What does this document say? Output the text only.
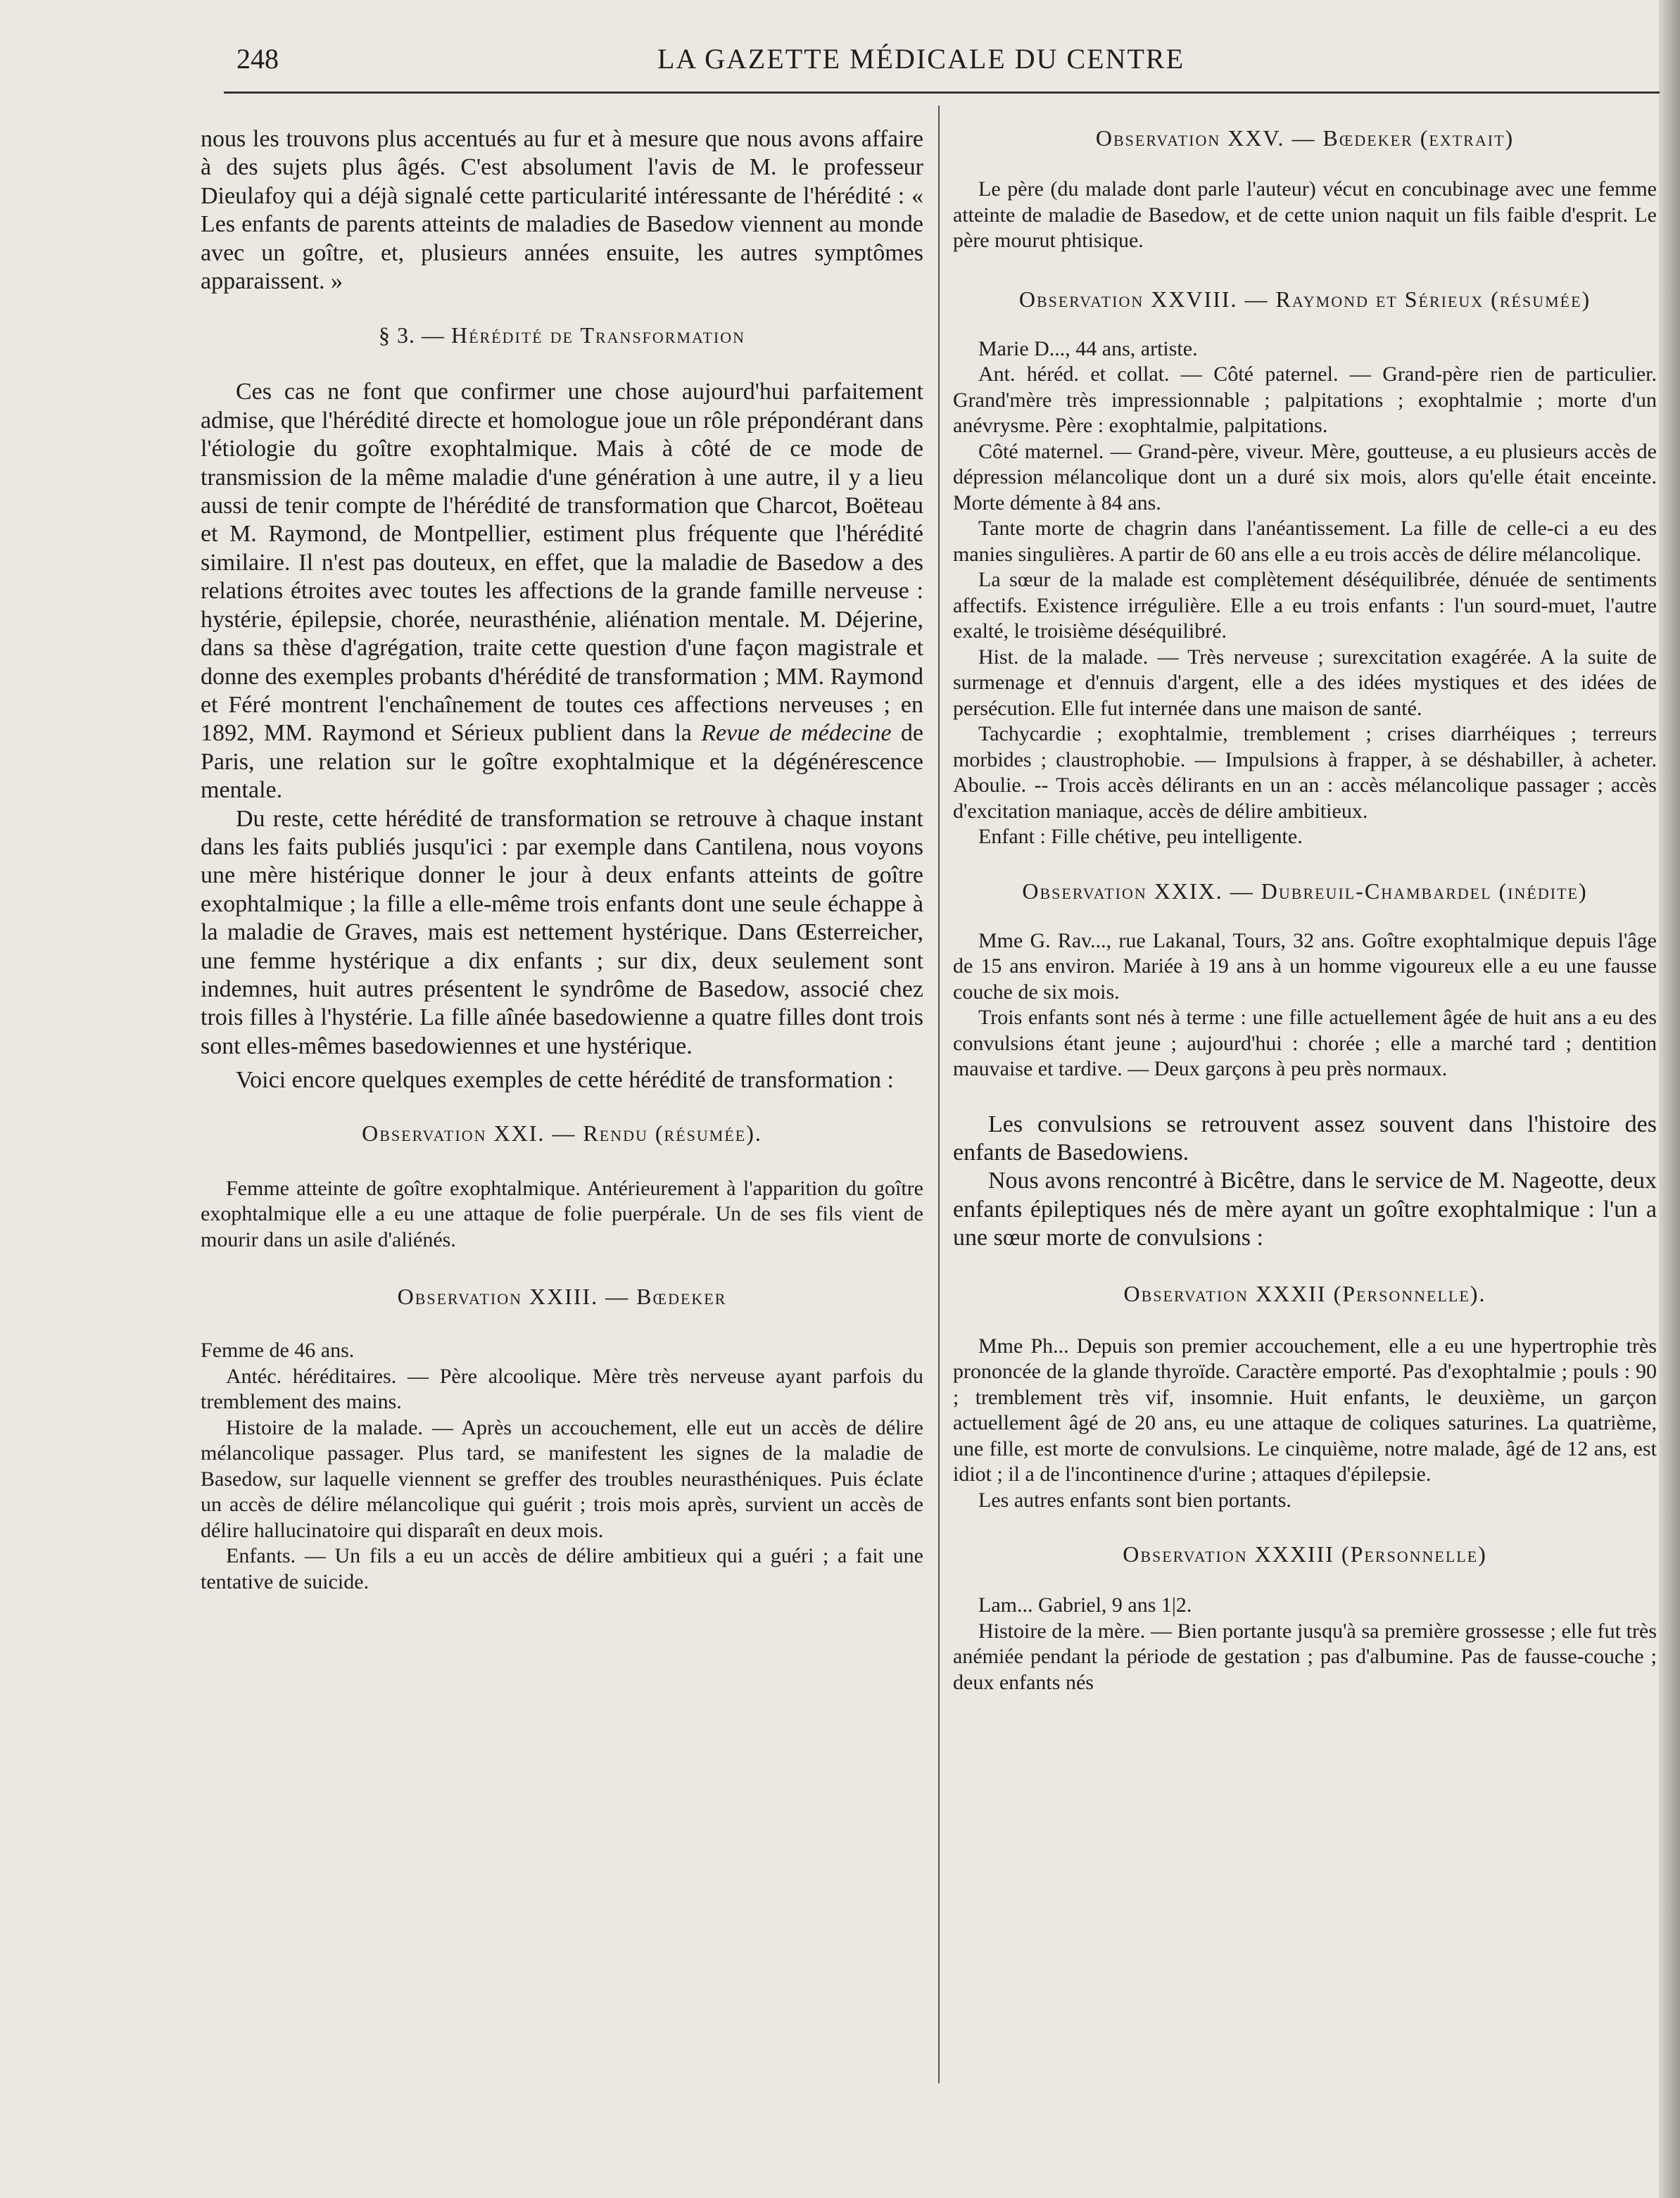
248	LA GAZETTE MÉDICALE DU CENTRE

nous les trouvons plus accentués au fur et à mesure que nous avons affaire à des sujets plus âgés. C'est absolument l'avis de M. le professeur Dieulafoy qui a déjà signalé cette particularité intéressante de l'hérédité : « Les enfants de parents atteints de maladies de Basedow viennent au monde avec un goître, et, plusieurs années ensuite, les autres symptômes apparaissent. »

§ 3. — Hérédité de Transformation

Ces cas ne font que confirmer une chose aujourd'hui parfaitement admise, que l'hérédité directe et homologue joue un rôle prépondérant dans l'étiologie du goître exophtalmique. Mais à côté de ce mode de transmission de la même maladie d'une génération à une autre, il y a lieu aussi de tenir compte de l'hérédité de transformation que Charcot, Boëteau et M. Raymond, de Montpellier, estiment plus fréquente que l'hérédité similaire. Il n'est pas douteux, en effet, que la maladie de Basedow a des relations étroites avec toutes les affections de la grande famille nerveuse : hystérie, épilepsie, chorée, neurasthénie, aliénation mentale. M. Déjerine, dans sa thèse d'agrégation, traite cette question d'une façon magistrale et donne des exemples probants d'hérédité de transformation ; MM. Raymond et Féré montrent l'enchaînement de toutes ces affections nerveuses ; en 1892, MM. Raymond et Sérieux publient dans la Revue de médecine de Paris, une relation sur le goître exophtalmique et la dégénérescence mentale.

Du reste, cette hérédité de transformation se retrouve à chaque instant dans les faits publiés jusqu'ici : par exemple dans Cantilena, nous voyons une mère histérique donner le jour à deux enfants atteints de goître exophtalmique ; la fille a elle-même trois enfants dont une seule échappe à la maladie de Graves, mais est nettement hystérique. Dans Œsterreicher, une femme hystérique a dix enfants ; sur dix, deux seulement sont indemnes, huit autres présentent le syndrôme de Basedow, associé chez trois filles à l'hystérie. La fille aînée basedowienne a quatre filles dont trois sont elles-mêmes basedowiennes et une hystérique.

Voici encore quelques exemples de cette hérédité de transformation :

Observation XXI. — Rendu (résumée).

Femme atteinte de goître exophtalmique. Antérieurement à l'apparition du goître exophtalmique elle a eu une attaque de folie puerpérale. Un de ses fils vient de mourir dans un asile d'aliénés.

Observation XXIII. — Bœdeker

Femme de 46 ans.

Antéc. héréditaires. — Père alcoolique. Mère très nerveuse ayant parfois du tremblement des mains.

Histoire de la malade. — Après un accouchement, elle eut un accès de délire mélancolique passager. Plus tard, se manifestent les signes de la maladie de Basedow, sur laquelle viennent se greffer des troubles neurasthéniques. Puis éclate un accès de délire mélancolique qui guérit ; trois mois après, survient un accès de délire hallucinatoire qui disparaît en deux mois.

Enfants. — Un fils a eu un accès de délire ambitieux qui a guéri ; a fait une tentative de suicide.

Observation XXV. — Bœdeker (extrait)

Le père (du malade dont parle l'auteur) vécut en concubinage avec une femme atteinte de maladie de Basedow, et de cette union naquit un fils faible d'esprit. Le père mourut phtisique.

Observation XXVIII. — Raymond et Sérieux (résumée)

Marie D..., 44 ans, artiste.

Ant. héréd. et collat. — Côté paternel. — Grand-père rien de particulier. Grand'mère très impressionnable ; palpitations ; exophtalmie ; morte d'un anévrysme. Père : exophtalmie, palpitations.

Côté maternel. — Grand-père, viveur. Mère, goutteuse, a eu plusieurs accès de dépression mélancolique dont un a duré six mois, alors qu'elle était enceinte. Morte démente à 84 ans.

Tante morte de chagrin dans l'anéantissement. La fille de celle-ci a eu des manies singulières. A partir de 60 ans elle a eu trois accès de délire mélancolique.

La sœur de la malade est complètement déséquilibrée, dénuée de sentiments affectifs. Existence irrégulière. Elle a eu trois enfants : l'un sourd-muet, l'autre exalté, le troisième déséquilibré.

Hist. de la malade. — Très nerveuse ; surexcitation exagérée. A la suite de surmenage et d'ennuis d'argent, elle a des idées mystiques et des idées de persécution. Elle fut internée dans une maison de santé.

Tachycardie ; exophtalmie, tremblement ; crises diarrhéiques ; terreurs morbides ; claustrophobie. — Impulsions à frapper, à se déshabiller, à acheter. Aboulie. -- Trois accès délirants en un an : accès mélancolique passager ; accès d'excitation maniaque, accès de délire ambitieux.

Enfant : Fille chétive, peu intelligente.

Observation XXIX. — Dubreuil-Chambardel (inédite)

Mme G. Rav..., rue Lakanal, Tours, 32 ans. Goître exophtalmique depuis l'âge de 15 ans environ. Mariée à 19 ans à un homme vigoureux elle a eu une fausse couche de six mois.

Trois enfants sont nés à terme : une fille actuellement âgée de huit ans a eu des convulsions étant jeune ; aujourd'hui : chorée ; elle a marché tard ; dentition mauvaise et tardive. — Deux garçons à peu près normaux.

Les convulsions se retrouvent assez souvent dans l'histoire des enfants de Basedowiens.

Nous avons rencontré à Bicêtre, dans le service de M. Nageotte, deux enfants épileptiques nés de mère ayant un goître exophtalmique : l'un a une sœur morte de convulsions :

Observation XXXII (Personnelle).

Mme Ph... Depuis son premier accouchement, elle a eu une hypertrophie très prononcée de la glande thyroïde. Caractère emporté. Pas d'exophtalmie ; pouls : 90 ; tremblement très vif, insomnie. Huit enfants, le deuxième, un garçon actuellement âgé de 20 ans, eu une attaque de coliques saturines. La quatrième, une fille, est morte de convulsions. Le cinquième, notre malade, âgé de 12 ans, est idiot ; il a de l'incontinence d'urine ; attaques d'épilepsie.

Les autres enfants sont bien portants.

Observation XXXIII (Personnelle)

Lam... Gabriel, 9 ans 1|2.

Histoire de la mère. — Bien portante jusqu'à sa première grossesse ; elle fut très anémiée pendant la période de gestation ; pas d'albumine. Pas de fausse-couche ; deux enfants nés
